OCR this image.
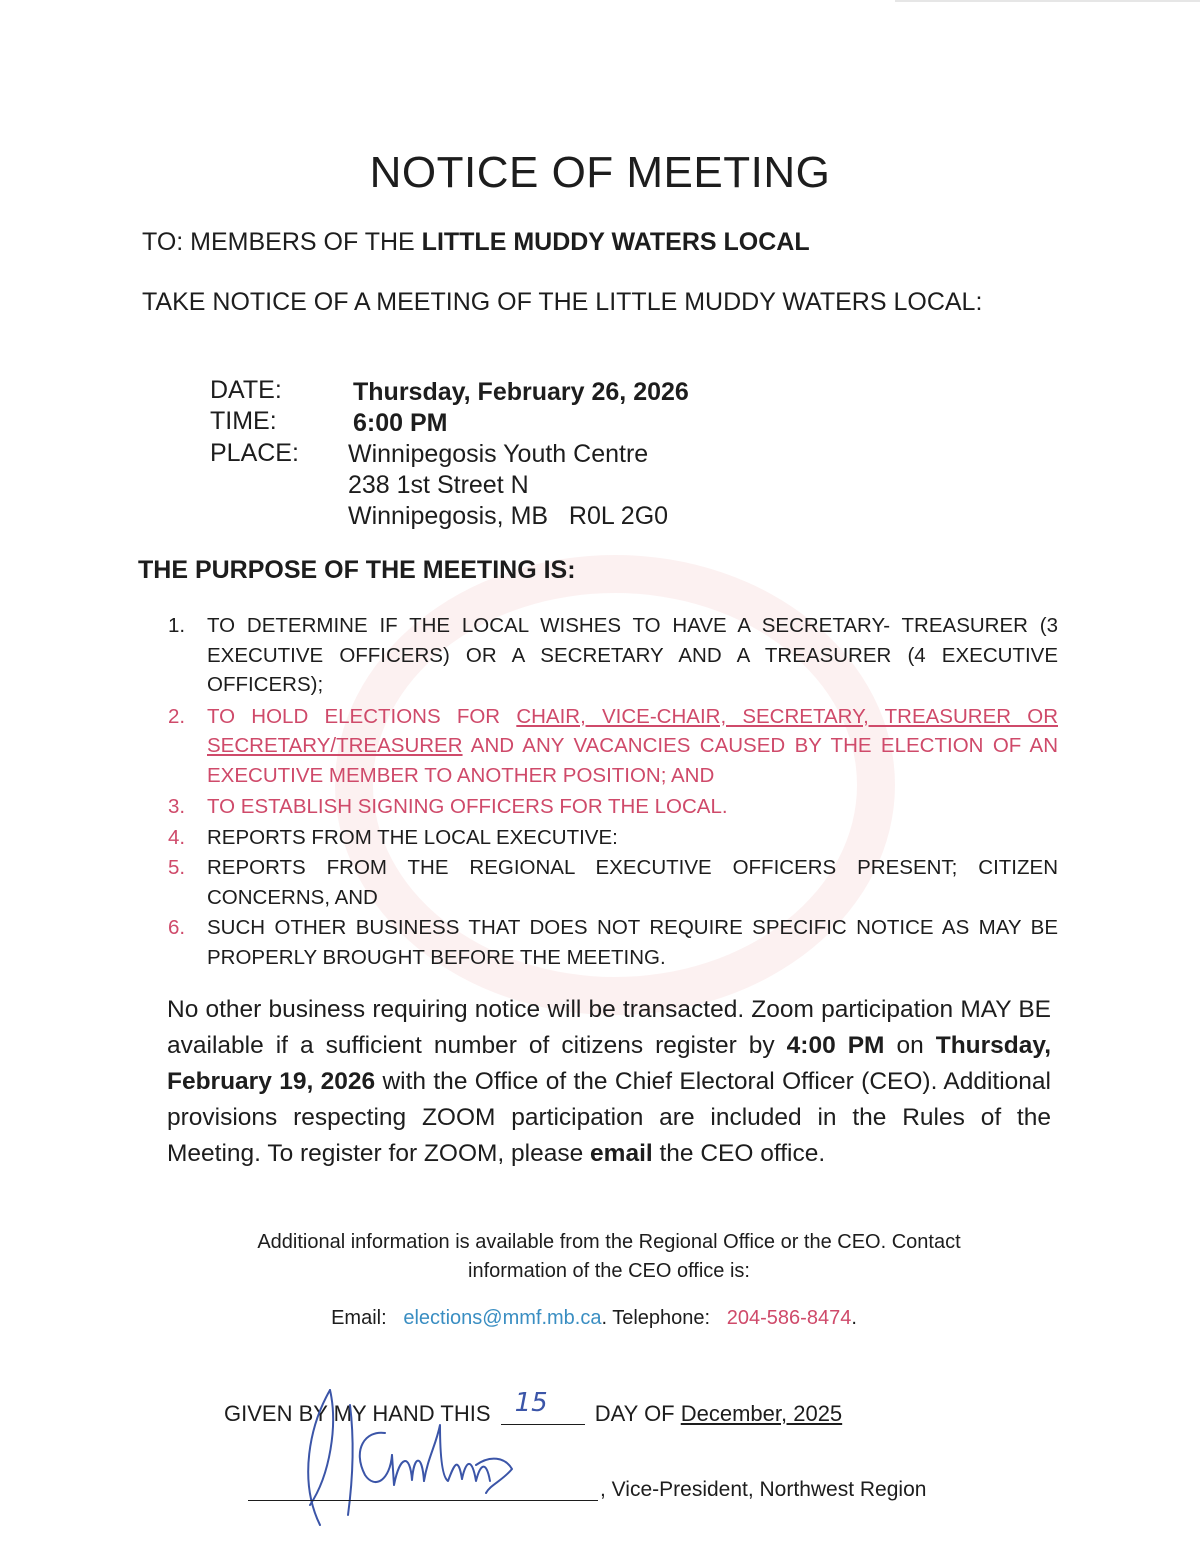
NOTICE OF MEETING
TO: MEMBERS OF THE LITTLE MUDDY WATERS LOCAL
TAKE NOTICE OF A MEETING OF THE LITTLE MUDDY WATERS LOCAL:
DATE:	Thursday, February 26, 2026
TIME:	6:00 PM
PLACE: Winnipegosis Youth Centre
238 1st Street N
Winnipegosis, MB   R0L 2G0
THE PURPOSE OF THE MEETING IS:
1. TO DETERMINE IF THE LOCAL WISHES TO HAVE A SECRETARY- TREASURER (3 EXECUTIVE OFFICERS) OR A SECRETARY AND A TREASURER (4 EXECUTIVE OFFICERS);
2. TO HOLD ELECTIONS FOR CHAIR, VICE-CHAIR, SECRETARY, TREASURER OR SECRETARY/TREASURER AND ANY VACANCIES CAUSED BY THE ELECTION OF AN EXECUTIVE MEMBER TO ANOTHER POSITION; AND
3. TO ESTABLISH SIGNING OFFICERS FOR THE LOCAL.
4. REPORTS FROM THE LOCAL EXECUTIVE:
5. REPORTS FROM THE REGIONAL EXECUTIVE OFFICERS PRESENT; CITIZEN CONCERNS, AND
6. SUCH OTHER BUSINESS THAT DOES NOT REQUIRE SPECIFIC NOTICE AS MAY BE PROPERLY BROUGHT BEFORE THE MEETING.
No other business requiring notice will be transacted. Zoom participation MAY BE available if a sufficient number of citizens register by 4:00 PM on Thursday, February 19, 2026 with the Office of the Chief Electoral Officer (CEO). Additional provisions respecting ZOOM participation are included in the Rules of the Meeting. To register for ZOOM, please email the CEO office.
Additional information is available from the Regional Office or the CEO. Contact
information of the CEO office is:
Email: elections@mmf.mb.ca. Telephone: 204-586-8474.
GIVEN BY MY HAND THIS 15 DAY OF December, 2025
, Vice-President, Northwest Region
